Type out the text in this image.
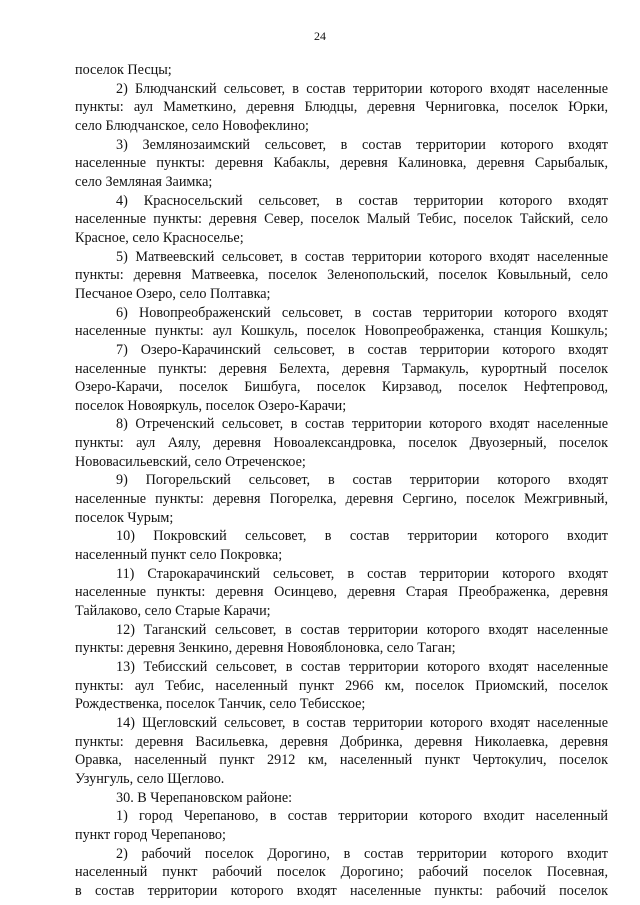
24
поселок Песцы;
2) Блюдчанский сельсовет, в состав территории которого входят населенные
пункты: аул Маметкино, деревня Блюдцы, деревня Черниговка, поселок Юрки,
село Блюдчанское, село Новофеклино;
3) Землянозаимский сельсовет, в состав территории которого входят
населенные пункты: деревня Кабаклы, деревня Калиновка, деревня Сарыбалык,
село Земляная Заимка;
4) Красносельский сельсовет, в состав территории которого входят
населенные пункты: деревня Север, поселок Малый Тебис, поселок Тайский, село
Красное, село Красноселье;
5) Матвеевский сельсовет, в состав территории которого входят населенные
пункты: деревня Матвеевка, поселок Зеленопольский, поселок Ковыльный, село
Песчаное Озеро, село Полтавка;
6) Новопреображенский сельсовет, в состав территории которого входят
населенные пункты: аул Кошкуль, поселок Новопреображенка, станция Кошкуль;
7) Озеро-Карачинский сельсовет, в состав территории которого входят
населенные пункты: деревня Белехта, деревня Тармакуль, курортный поселок
Озеро-Карачи, поселок Бишбуга, поселок Кирзавод, поселок Нефтепровод,
поселок Новояркуль, поселок Озеро-Карачи;
8) Отреченский сельсовет, в состав территории которого входят населенные
пункты: аул Аялу, деревня Новоалександровка, поселок Двуозерный, поселок
Нововасильевский, село Отреченское;
9) Погорельский сельсовет, в состав территории которого входят
населенные пункты: деревня Погорелка, деревня Сергино, поселок Межгривный,
поселок Чурым;
10) Покровский сельсовет, в состав территории которого входит
населенный пункт село Покровка;
11) Старокарачинский сельсовет, в состав территории которого входят
населенные пункты: деревня Осинцево, деревня Старая Преображенка, деревня
Тайлаково, село Старые Карачи;
12) Таганский сельсовет, в состав территории которого входят населенные
пункты: деревня Зенкино, деревня Новояблоновка, село Таган;
13) Тебисский сельсовет, в состав территории которого входят населенные
пункты: аул Тебис, населенный пункт 2966 км, поселок Приомский, поселок
Рождественка, поселок Танчик, село Тебисское;
14) Щегловский сельсовет, в состав территории которого входят населенные
пункты: деревня Васильевка, деревня Добринка, деревня Николаевка, деревня
Оравка, населенный пункт 2912 км, населенный пункт Чертокулич, поселок
Узунгуль, село Щеглово.
30. В Черепановском районе:
1) город Черепаново, в состав территории которого входит населенный
пункт город Черепаново;
2) рабочий поселок Дорогино, в состав территории которого входит
населенный пункт рабочий поселок Дорогино; рабочий поселок Посевная,
в состав территории которого входят населенные пункты: рабочий поселок
